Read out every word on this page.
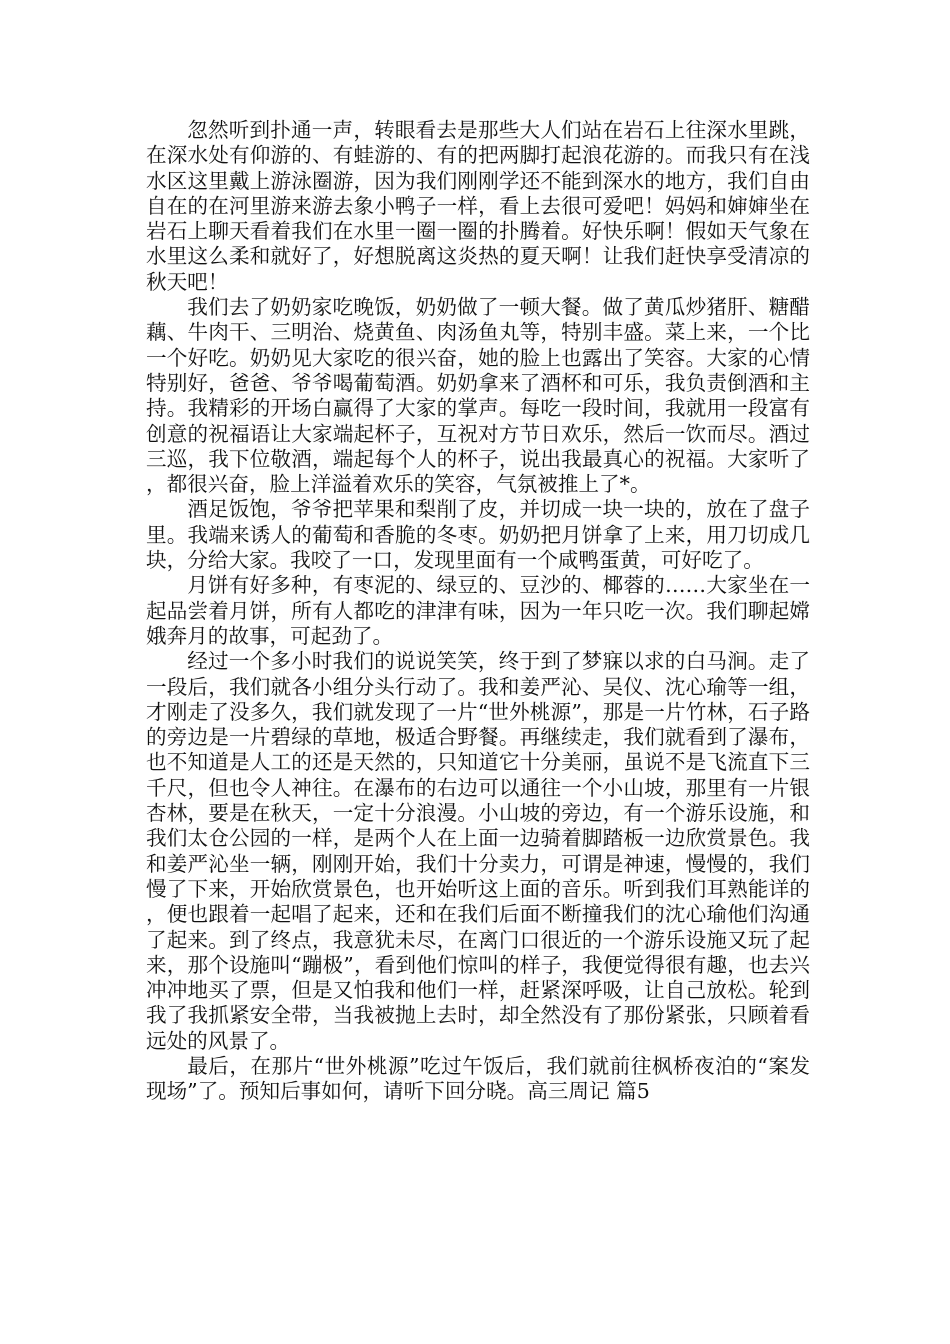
忽然听到扑通一声，转眼看去是那些大人们站在岩石上往深水里跳，在深水处有仰游的、有蛙游的、有的把两脚打起浪花游的。而我只有在浅水区这里戴上游泳圈游，因为我们刚刚学还不能到深水的地方，我们自由自在的在河里游来游去象小鸭子一样，看上去很可爱吧！妈妈和婶婶坐在岩石上聊天看着我们在水里一圈一圈的扑腾着。好快乐啊！假如天气象在水里这么柔和就好了，好想脱离这炎热的夏天啊！让我们赶快享受清凉的秋天吧！

我们去了奶奶家吃晚饭，奶奶做了一顿大餐。做了黄瓜炒猪肝、糖醋藕、牛肉干、三明治、烧黄鱼、肉汤鱼丸等，特别丰盛。菜上来，一个比一个好吃。奶奶见大家吃的很兴奋，她的脸上也露出了笑容。大家的心情特别好，爸爸、爷爷喝葡萄酒。奶奶拿来了酒杯和可乐，我负责倒酒和主持。我精彩的开场白赢得了大家的掌声。每吃一段时间，我就用一段富有创意的祝福语让大家端起杯子，互祝对方节日欢乐，然后一饮而尽。酒过三巡，我下位敬酒，端起每个人的杯子，说出我最真心的祝福。大家听了，都很兴奋，脸上洋溢着欢乐的笑容，气氛被推上了*。

酒足饭饱，爷爷把苹果和梨削了皮，并切成一块一块的，放在了盘子里。我端来诱人的葡萄和香脆的冬枣。奶奶把月饼拿了上来，用刀切成几块，分给大家。我咬了一口，发现里面有一个咸鸭蛋黄，可好吃了。

月饼有好多种，有枣泥的、绿豆的、豆沙的、椰蓉的……大家坐在一起品尝着月饼，所有人都吃的津津有味，因为一年只吃一次。我们聊起嫦娥奔月的故事，可起劲了。

经过一个多小时我们的说说笑笑，终于到了梦寐以求的白马涧。走了一段后，我们就各小组分头行动了。我和姜严沁、吴仪、沈心瑜等一组，才刚走了没多久，我们就发现了一片“世外桃源”，那是一片竹林，石子路的旁边是一片碧绿的草地，极适合野餐。再继续走，我们就看到了瀑布，也不知道是人工的还是天然的，只知道它十分美丽，虽说不是飞流直下三千尺，但也令人神往。在瀑布的右边可以通往一个小山坡，那里有一片银杏林，要是在秋天，一定十分浪漫。小山坡的旁边，有一个游乐设施，和我们太仓公园的一样，是两个人在上面一边骑着脚踏板一边欣赏景色。我和姜严沁坐一辆，刚刚开始，我们十分卖力，可谓是神速，慢慢的，我们慢了下来，开始欣赏景色，也开始听这上面的音乐。听到我们耳熟能详的，便也跟着一起唱了起来，还和在我们后面不断撞我们的沈心瑜他们沟通了起来。到了终点，我意犹未尽，在离门口很近的一个游乐设施又玩了起来，那个设施叫“蹦极”，看到他们惊叫的样子，我便觉得很有趣，也去兴冲冲地买了票，但是又怕我和他们一样，赶紧深呼吸，让自己放松。轮到我了我抓紧安全带，当我被抛上去时，却全然没有了那份紧张，只顾着看远处的风景了。

最后，在那片“世外桃源”吃过午饭后，我们就前往枫桥夜泊的“案发现场”了。预知后事如何，请听下回分晓。高三周记 篇5
